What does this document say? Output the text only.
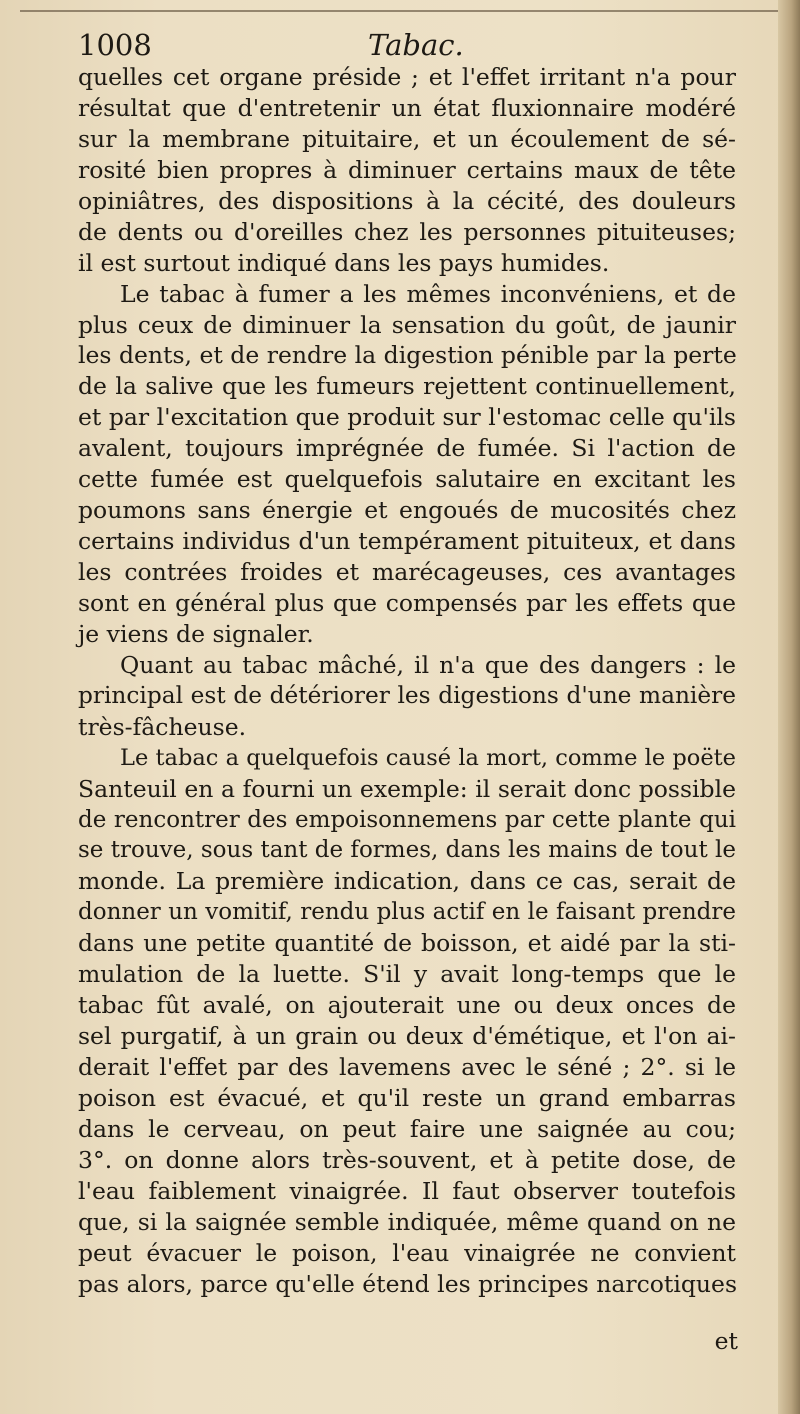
1008	Tabac.
quelles cet organe préside ; et l'effet irritant n'a pour
résultat que d'entretenir un état fluxionnaire modéré
sur la membrane pituitaire, et un écoulement de sé-
rosité bien propres à diminuer certains maux de tête
opiniâtres, des dispositions à la cécité, des douleurs
de dents ou d'oreilles chez les personnes pituiteuses;
il est surtout indiqué dans les pays humides.
Le tabac à fumer a les mêmes inconvéniens, et de
plus ceux de diminuer la sensation du goût, de jaunir
les dents, et de rendre la digestion pénible par la perte
de la salive que les fumeurs rejettent continuellement,
et par l'excitation que produit sur l'estomac celle qu'ils
avalent, toujours imprégnée de fumée. Si l'action de
cette fumée est quelquefois salutaire en excitant les
poumons sans énergie et engoués de mucosités chez
certains individus d'un tempérament pituiteux, et dans
les contrées froides et marécageuses, ces avantages
sont en général plus que compensés par les effets que
je viens de signaler.
Quant au tabac mâché, il n'a que des dangers : le
principal est de détériorer les digestions d'une manière
très-fâcheuse.
Le tabac a quelquefois causé la mort, comme le poëte
Santeuil en a fourni un exemple: il serait donc possible
de rencontrer des empoisonnemens par cette plante qui
se trouve, sous tant de formes, dans les mains de tout le
monde. La première indication, dans ce cas, serait de
donner un vomitif, rendu plus actif en le faisant prendre
dans une petite quantité de boisson, et aidé par la sti-
mulation de la luette. S'il y avait long-temps que le
tabac fût avalé, on ajouterait une ou deux onces de
sel purgatif, à un grain ou deux d'émétique, et l'on ai-
derait l'effet par des lavemens avec le séné ; 2°. si le
poison est évacué, et qu'il reste un grand embarras
dans le cerveau, on peut faire une saignée au cou;
3°. on donne alors très-souvent, et à petite dose, de
l'eau faiblement vinaigrée. Il faut observer toutefois
que, si la saignée semble indiquée, même quand on ne
peut évacuer le poison, l'eau vinaigrée ne convient
pas alors, parce qu'elle étend les principes narcotiques
et
